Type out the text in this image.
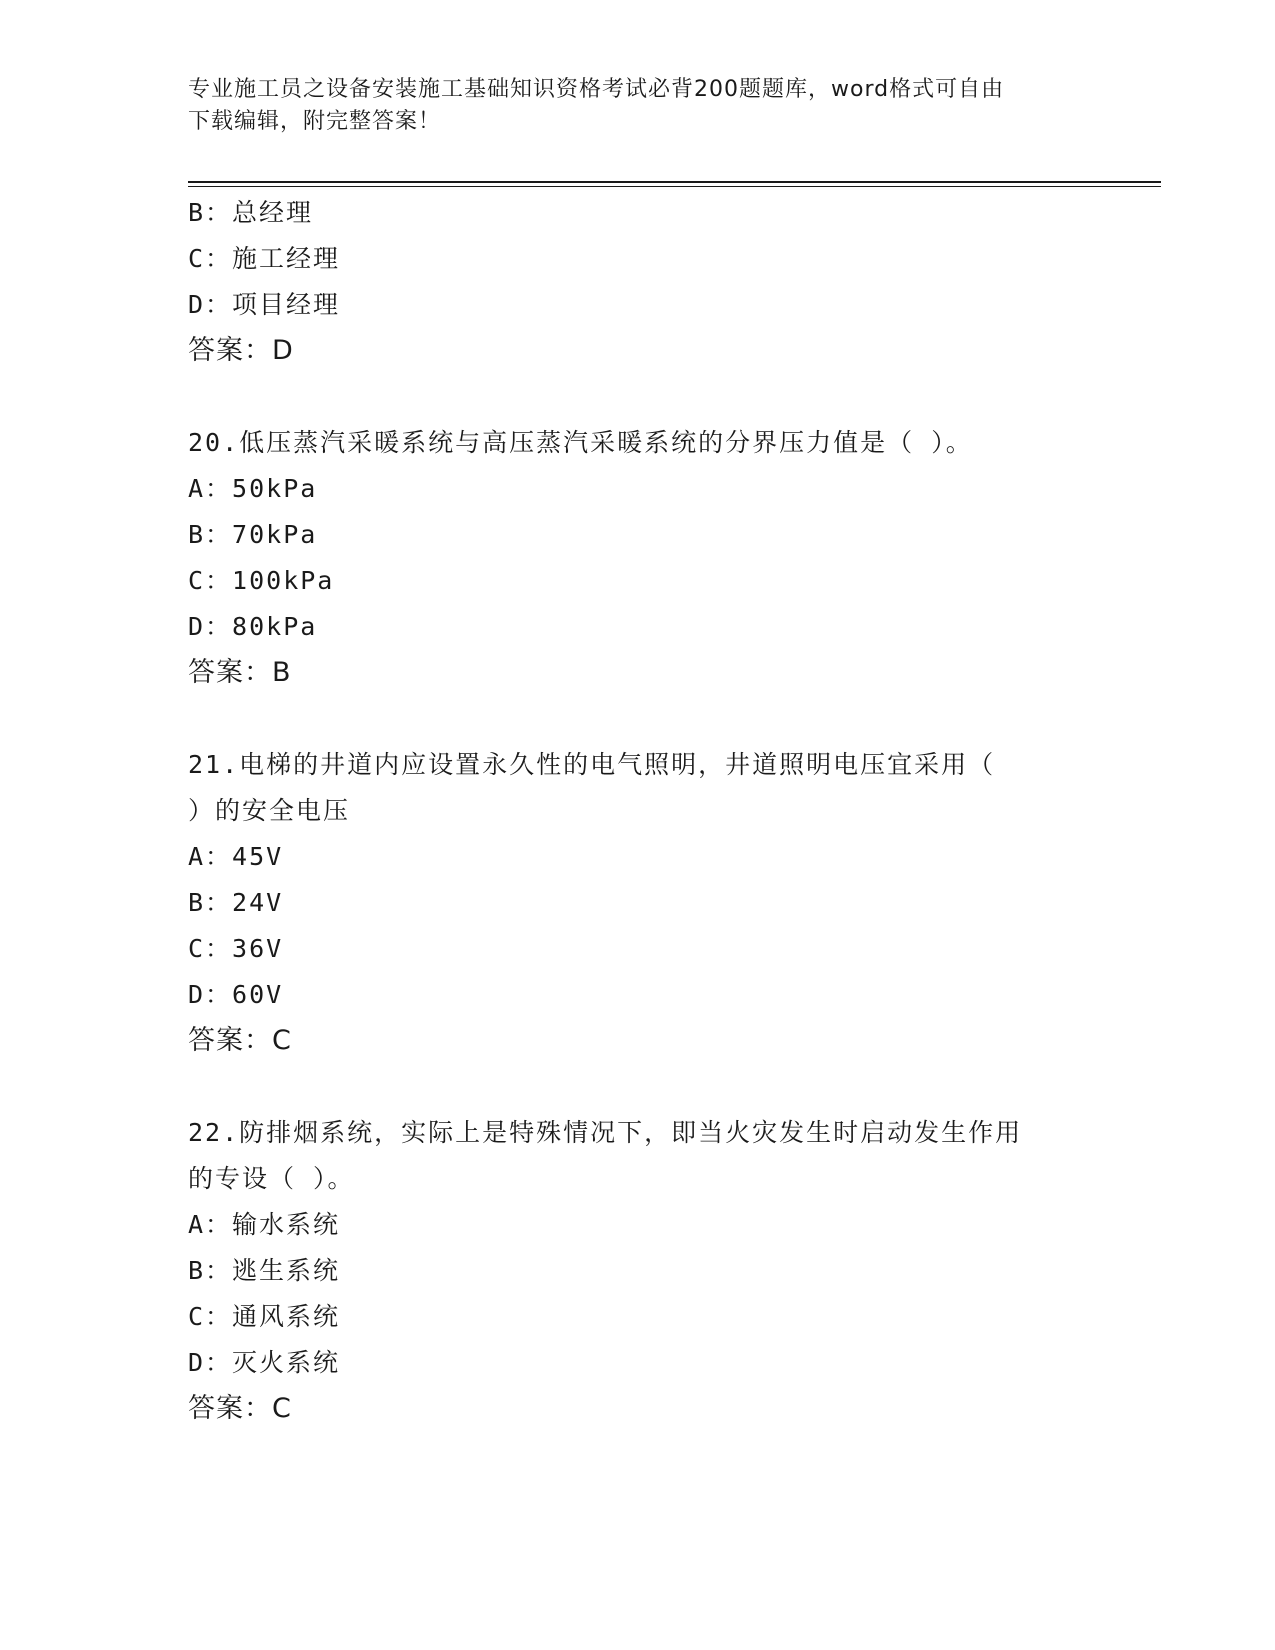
专业施工员之设备安装施工基础知识资格考试必背200题题库，word格式可自由
下载编辑，附完整答案！
B：总经理
C：施工经理
D：项目经理
答案：D
20.低压蒸汽采暖系统与高压蒸汽采暖系统的分界压力值是（ ）。
A：50kPa
B：70kPa
C：100kPa
D：80kPa
答案：B
21.电梯的井道内应设置永久性的电气照明，井道照明电压宜采用（
）的安全电压
A：45V
B：24V
C：36V
D：60V
答案：C
22.防排烟系统，实际上是特殊情况下，即当火灾发生时启动发生作用
的专设（ ）。
A：输水系统
B：逃生系统
C：通风系统
D：灭火系统
答案：C
